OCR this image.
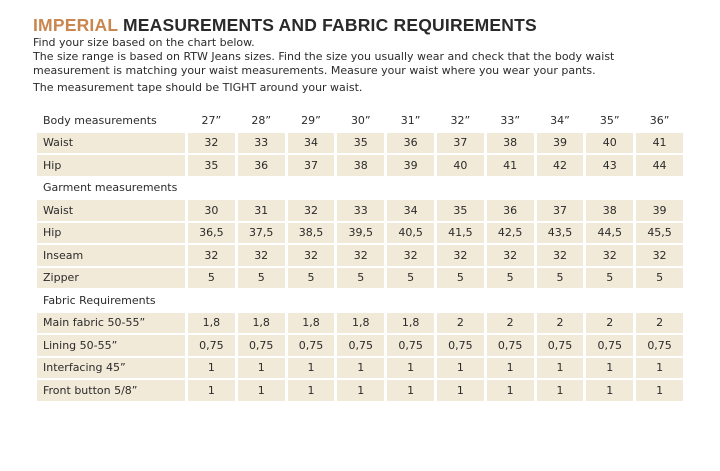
IMPERIAL MEASUREMENTS AND FABRIC REQUIREMENTS

Find your size based on the chart below.

The size range is based on RTW Jeans sizes. Find the size you usually wear and check that the body waist measurement is matching your waist measurements. Measure your waist where you wear your pants.

The measurement tape should be TIGHT around your waist.

Body measurements	27”	28”	29”	30”	31”	32”	33”	34”	35”	36”
Waist	32	33	34	35	36	37	38	39	40	41
Hip	35	36	37	38	39	40	41	42	43	44
Garment measurements										
Waist	30	31	32	33	34	35	36	37	38	39
Hip	36,5	37,5	38,5	39,5	40,5	41,5	42,5	43,5	44,5	45,5
Inseam	32	32	32	32	32	32	32	32	32	32
Zipper	5	5	5	5	5	5	5	5	5	5
Fabric Requirements										
Main fabric 50-55”	1,8	1,8	1,8	1,8	1,8	2	2	2	2	2
Lining 50-55”	0,75	0,75	0,75	0,75	0,75	0,75	0,75	0,75	0,75	0,75
Interfacing 45”	1	1	1	1	1	1	1	1	1	1
Front button 5/8”	1	1	1	1	1	1	1	1	1	1
